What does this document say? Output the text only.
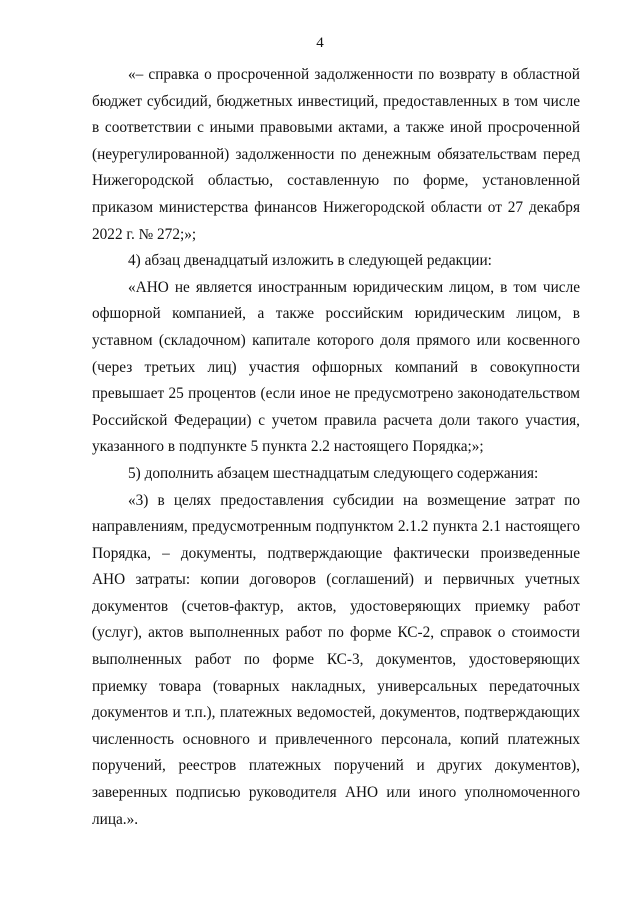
4

«– справка о просроченной задолженности по возврату в областной бюджет субсидий, бюджетных инвестиций, предоставленных в том числе в соответствии с иными правовыми актами, а также иной просроченной (неурегулированной) задолженности по денежным обязательствам перед Нижегородской областью, составленную по форме, установленной приказом министерства финансов Нижегородской области от 27 декабря 2022 г. № 272;»;

4) абзац двенадцатый изложить в следующей редакции:

«АНО не является иностранным юридическим лицом, в том числе офшорной компанией, а также российским юридическим лицом, в уставном (складочном) капитале которого доля прямого или косвенного (через третьих лиц) участия офшорных компаний в совокупности превышает 25 процентов (если иное не предусмотрено законодательством Российской Федерации) с учетом правила расчета доли такого участия, указанного в подпункте 5 пункта 2.2 настоящего Порядка;»;

5) дополнить абзацем шестнадцатым следующего содержания:

«3) в целях предоставления субсидии на возмещение затрат по направлениям, предусмотренным подпунктом 2.1.2 пункта 2.1 настоящего Порядка, – документы, подтверждающие фактически произведенные АНО затраты: копии договоров (соглашений) и первичных учетных документов (счетов-фактур, актов, удостоверяющих приемку работ (услуг), актов выполненных работ по форме КС-2, справок о стоимости выполненных работ по форме КС-3, документов, удостоверяющих приемку товара (товарных накладных, универсальных передаточных документов и т.п.), платежных ведомостей, документов, подтверждающих численность основного и привлеченного персонала, копий платежных поручений, реестров платежных поручений и других документов), заверенных подписью руководителя АНО или иного уполномоченного лица.».
